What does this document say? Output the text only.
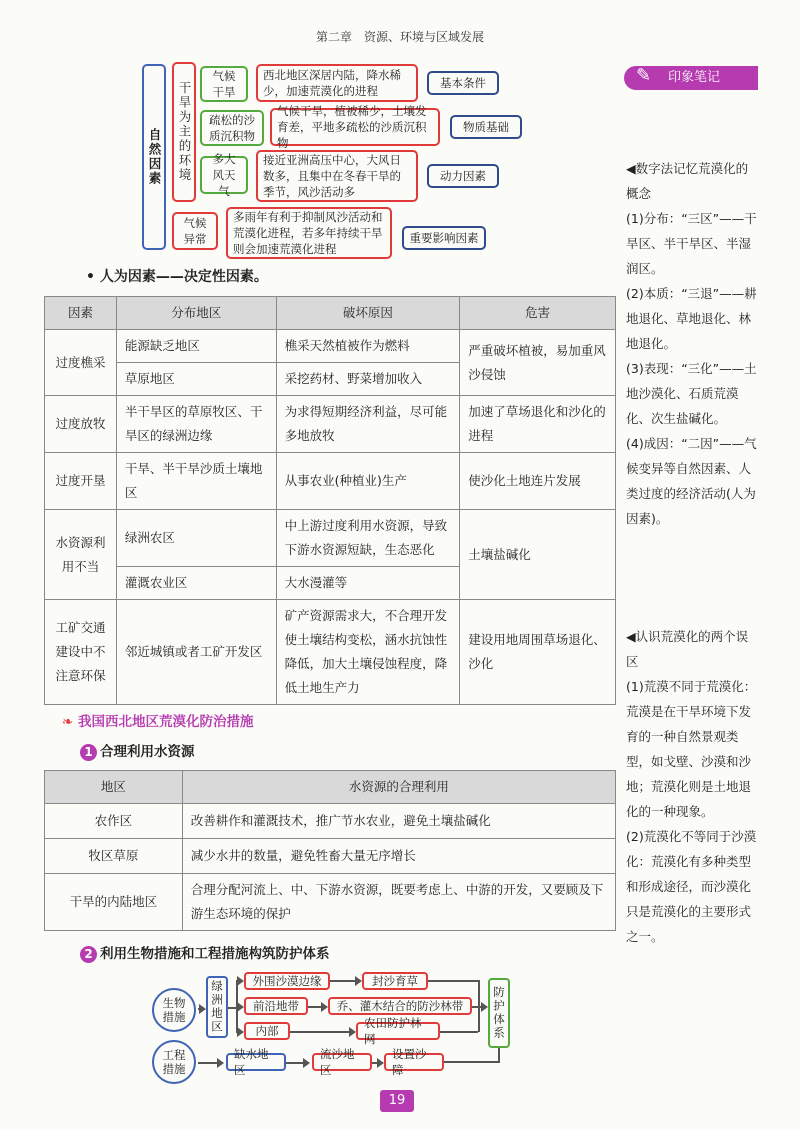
第二章　资源、环境与区域发展
✎ 印象笔记
自然因素 干旱为主的环境
气候干旱
西北地区深居内陆，降水稀少，加速荒漠化的进程
基本条件
疏松的沙质沉积物
气候干旱，植被稀少，土壤发育差，平地多疏松的沙质沉积物
物质基础
多大风天气
接近亚洲高压中心，大风日数多，且集中在冬春干旱的季节，风沙活动多
动力因素
气候异常
多雨年有利于抑制风沙活动和荒漠化进程，若多年持续干旱则会加速荒漠化进程
重要影响因素
• 人为因素——决定性因素。
因素	分布地区	破坏原因	危害
过度樵采	能源缺乏地区	樵采天然植被作为燃料	严重破坏植被，易加重风沙侵蚀
	草原地区	采挖药材、野菜增加收入	
过度放牧	半干旱区的草原牧区、干旱区的绿洲边缘	为求得短期经济利益，尽可能多地放牧	加速了草场退化和沙化的进程
过度开垦	干旱、半干旱沙质土壤地区	从事农业(种植业)生产	使沙化土地连片发展
水资源利用不当	绿洲农区	中上游过度利用水资源，导致下游水资源短缺，生态恶化	土壤盐碱化
	灌溉农业区	大水漫灌等	
工矿交通建设中不注意环保	邻近城镇或者工矿开发区	矿产资源需求大，不合理开发使土壤结构变松，涵水抗蚀性降低，加大土壤侵蚀程度，降低土地生产力	建设用地周围草场退化、沙化
❧ 我国西北地区荒漠化防治措施
1 合理利用水资源
地区	水资源的合理利用
农作区	改善耕作和灌溉技术，推广节水农业，避免土壤盐碱化
牧区草原	减少水井的数量，避免牲畜大量无序增长
干旱的内陆地区	合理分配河流上、中、下游水资源，既要考虑上、中游的开发，又要顾及下游生态环境的保护
2 利用生物措施和工程措施构筑防护体系
生物措施
工程措施
绿洲地区 外围沙漠边缘
前沿地带
内部
封沙育草
乔、灌木结合的防沙林带
农田防护林网	防护体系
缺水地区
流沙地区
设置沙障
◀数字法记忆荒漠化的概念
(1)分布：“三区”——干旱区、半干旱区、半湿润区。
(2)本质：“三退”——耕地退化、草地退化、林地退化。
(3)表现：“三化”——土地沙漠化、石质荒漠化、次生盐碱化。
(4)成因：“二因”——气候变异等自然因素、人类过度的经济活动(人为因素)。
◀认识荒漠化的两个误区
(1)荒漠不同于荒漠化：荒漠是在干旱环境下发育的一种自然景观类型，如戈壁、沙漠和沙地；荒漠化则是土地退化的一种现象。
(2)荒漠化不等同于沙漠化：荒漠化有多种类型和形成途径，而沙漠化只是荒漠化的主要形式之一。
19
